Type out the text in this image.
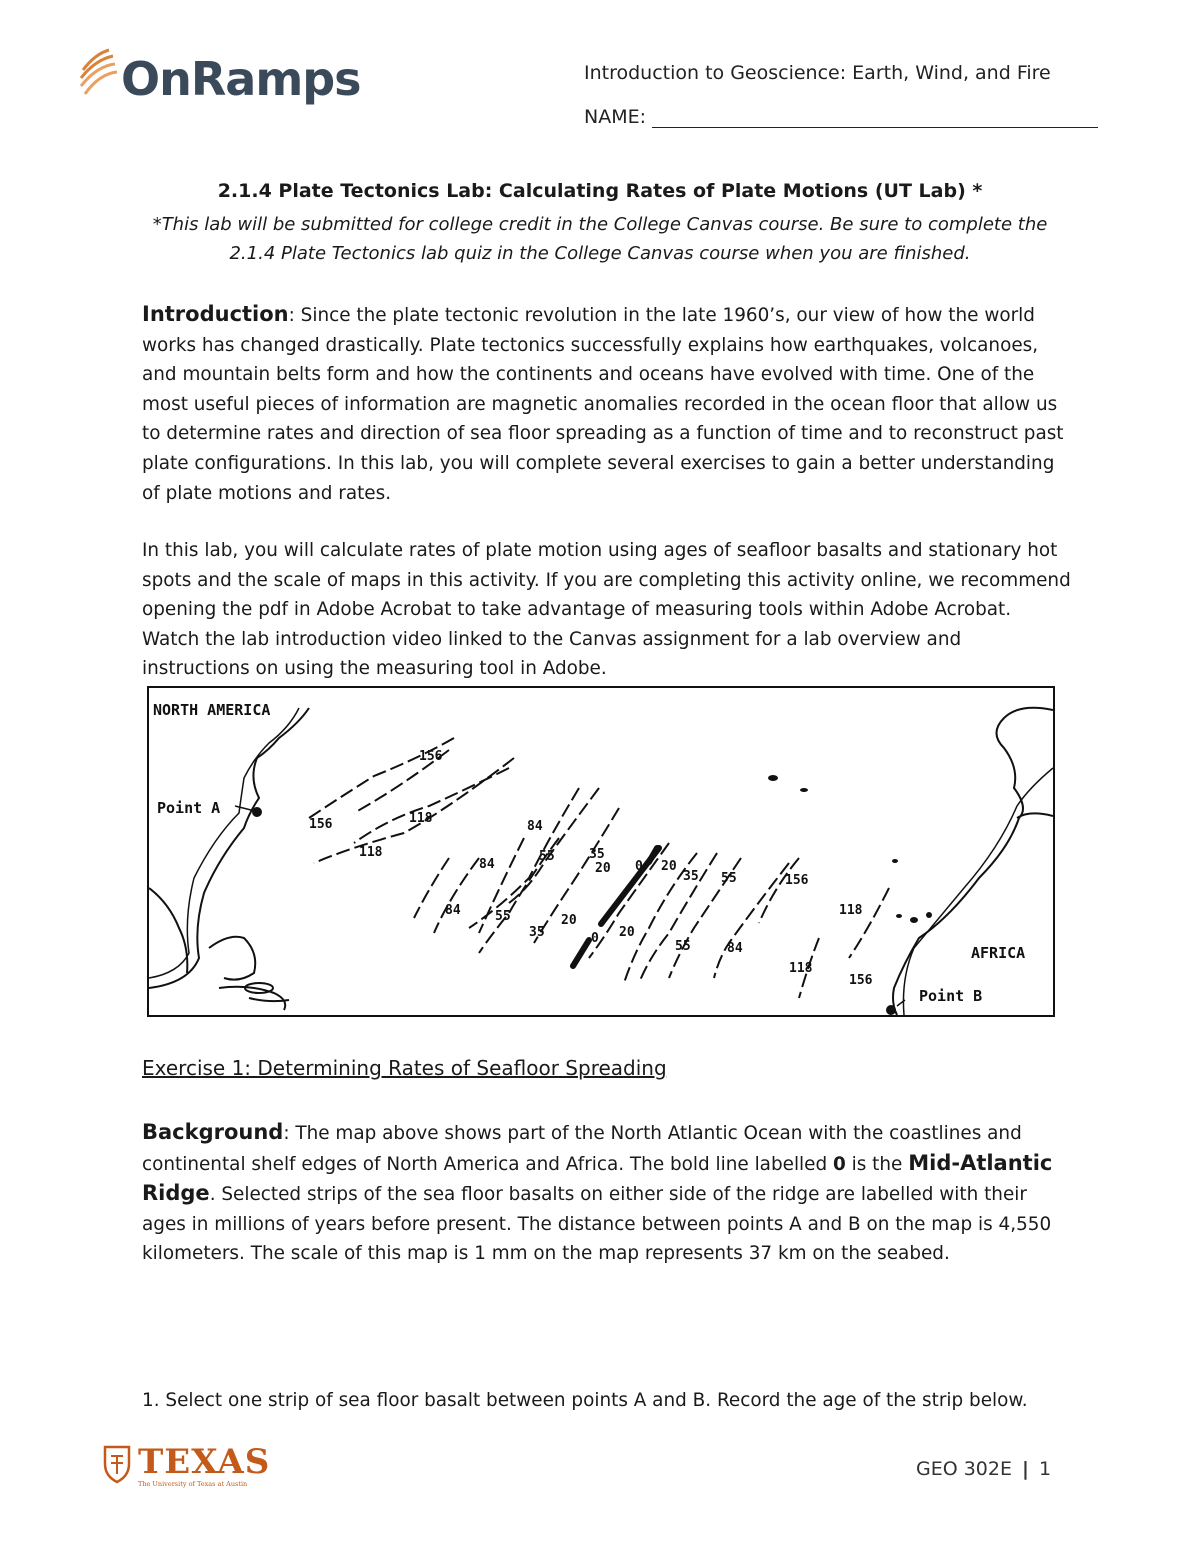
OnRamps	Introduction to Geoscience: Earth, Wind, and Fire
NAME:
2.1.4 Plate Tectonics Lab: Calculating Rates of Plate Motions (UT Lab) *
*This lab will be submitted for college credit in the College Canvas course. Be sure to complete the 2.1.4 Plate Tectonics lab quiz in the College Canvas course when you are finished.
Introduction: Since the plate tectonic revolution in the late 1960’s, our view of how the world works has changed drastically. Plate tectonics successfully explains how earthquakes, volcanoes, and mountain belts form and how the continents and oceans have evolved with time. One of the most useful pieces of information are magnetic anomalies recorded in the ocean floor that allow us to determine rates and direction of sea floor spreading as a function of time and to reconstruct past plate configurations. In this lab, you will complete several exercises to gain a better understanding of plate motions and rates.
In this lab, you will calculate rates of plate motion using ages of seafloor basalts and stationary hot spots and the scale of maps in this activity. If you are completing this activity online, we recommend opening the pdf in Adobe Acrobat to take advantage of measuring tools within Adobe Acrobat. Watch the lab introduction video linked to the Canvas assignment for a lab overview and instructions on using the measuring tool in Adobe.
NORTH AMERICA
Point A
AFRICA
Point B
156
156
156
118
118
118
84
84
84
84
55
55
55
55
35
35
35
20
20
20
20
0
0
118
156
Exercise 1: Determining Rates of Seafloor Spreading
Background: The map above shows part of the North Atlantic Ocean with the coastlines and continental shelf edges of North America and Africa. The bold line labelled 0 is the Mid-Atlantic Ridge. Selected strips of the sea floor basalts on either side of the ridge are labelled with their ages in millions of years before present. The distance between points A and B on the map is 4,550 kilometers. The scale of this map is 1 mm on the map represents 37 km on the seabed.
1. Select one strip of sea floor basalt between points A and B. Record the age of the strip below.
TEXAS
The University of Texas at Austin
GEO 302E | 1
